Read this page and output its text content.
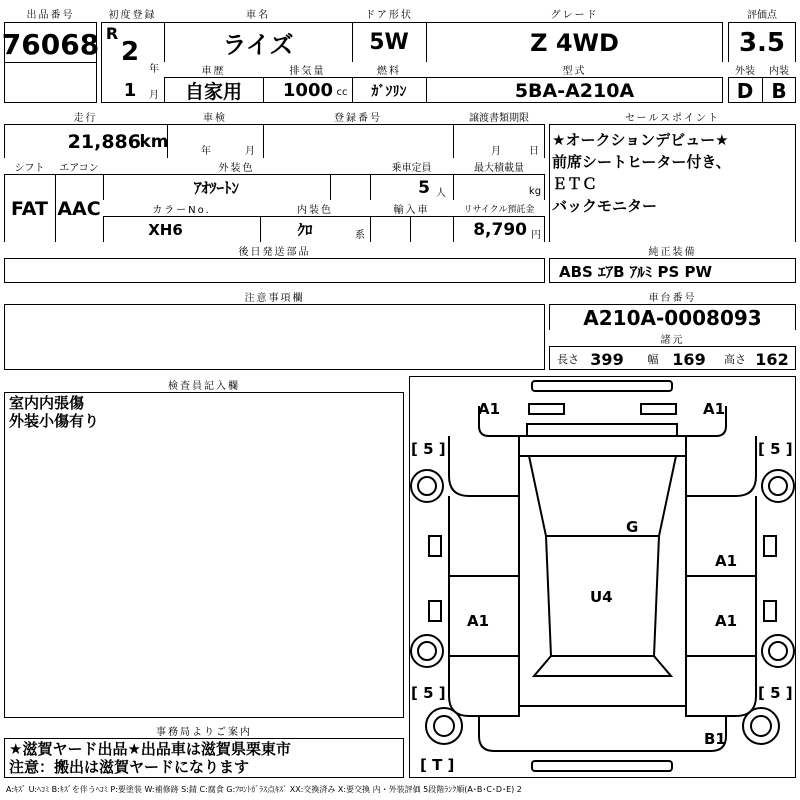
出品番号
76068
初度登録
R
2
年
1	月
車名
ライズ
ドア形状
5W
グレード
Z 4WD
車歴
自家用
排気量
1000 cc
燃料
ｶﾞｿﾘﾝ
型式
5BA-A210A
評価点
3.5
外装	内装
D B
走行
21,886
km
車検
年	月
登録番号	譲渡書類期限
月	日
シフト
FAT
エアコン
AAC
外装色
ｱｵﾂｰﾄﾝ
乗車定員
5 人
最大積載量
kg
カラーNo.
XH6
内装色
ｸﾛ	系
輸入車	リサイクル預託金
8,790 円
後日発送部品
セールスポイント
★オークションデビュー★
前席シートヒーター付き、
ＥＴＣ
バックモニター
純正装備
ABS ｴｱB ｱﾙﾐ PS PW
注意事項欄	車台番号
A210A-0008093
諸元
長さ 399	幅 169	高さ 162
検査員記入欄
室内内張傷
外装小傷有り
事務局よりご案内
★滋賀ヤード出品★出品車は滋賀県栗東市
注意：搬出は滋賀ヤードになります
A1	A1
[ 5 ]	[ 5 ]
G
A1
U4
A1	A1
[ 5 ]	[ 5 ]
B1
[ T ]
A:ｷｽﾞ U:ﾍｺﾐ B:ｷｽﾞを伴うﾍｺﾐ P:要塗装 W:補修跡 S:錆 C:腐食 G:ﾌﾛﾝﾄｶﾞﾗｽ点ｷｽﾞ XX:交換済み X:要交換 内・外装評価 5段階ﾗﾝｸ順(A･B･C･D･E) 2
